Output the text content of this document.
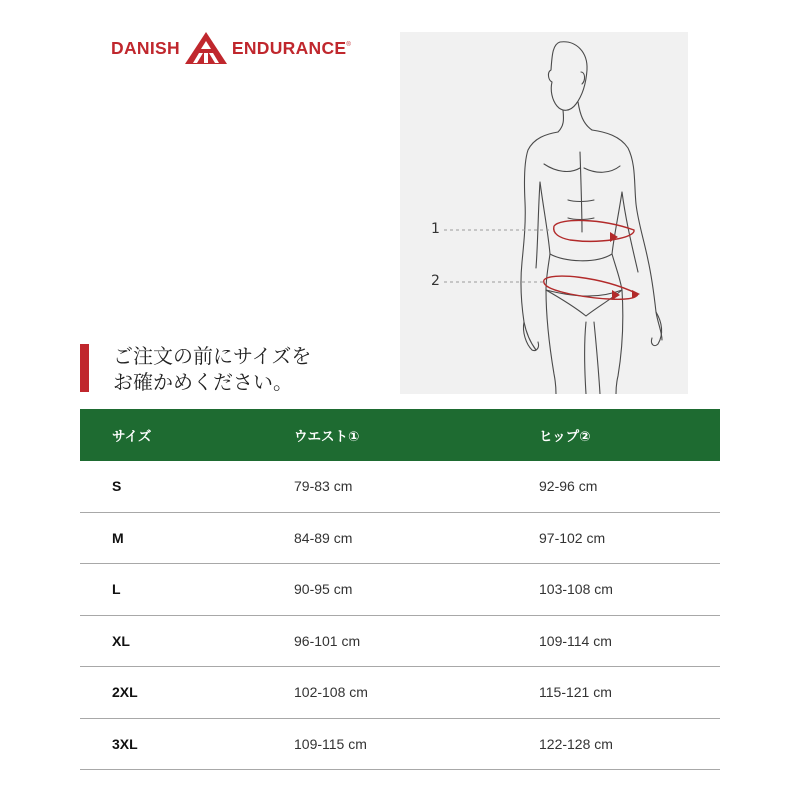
DANISH	ENDURANCE ®
1
2
ご注文の前にサイズを
お確かめください。
サイズ	ウエスト①	ヒップ②
S	79-83 cm	92-96 cm
M	84-89 cm	97-102 cm
L	90-95 cm	103-108 cm
XL	96-101 cm	109-114 cm
2XL	102-108 cm	115-121 cm
3XL	109-115 cm	122-128 cm
